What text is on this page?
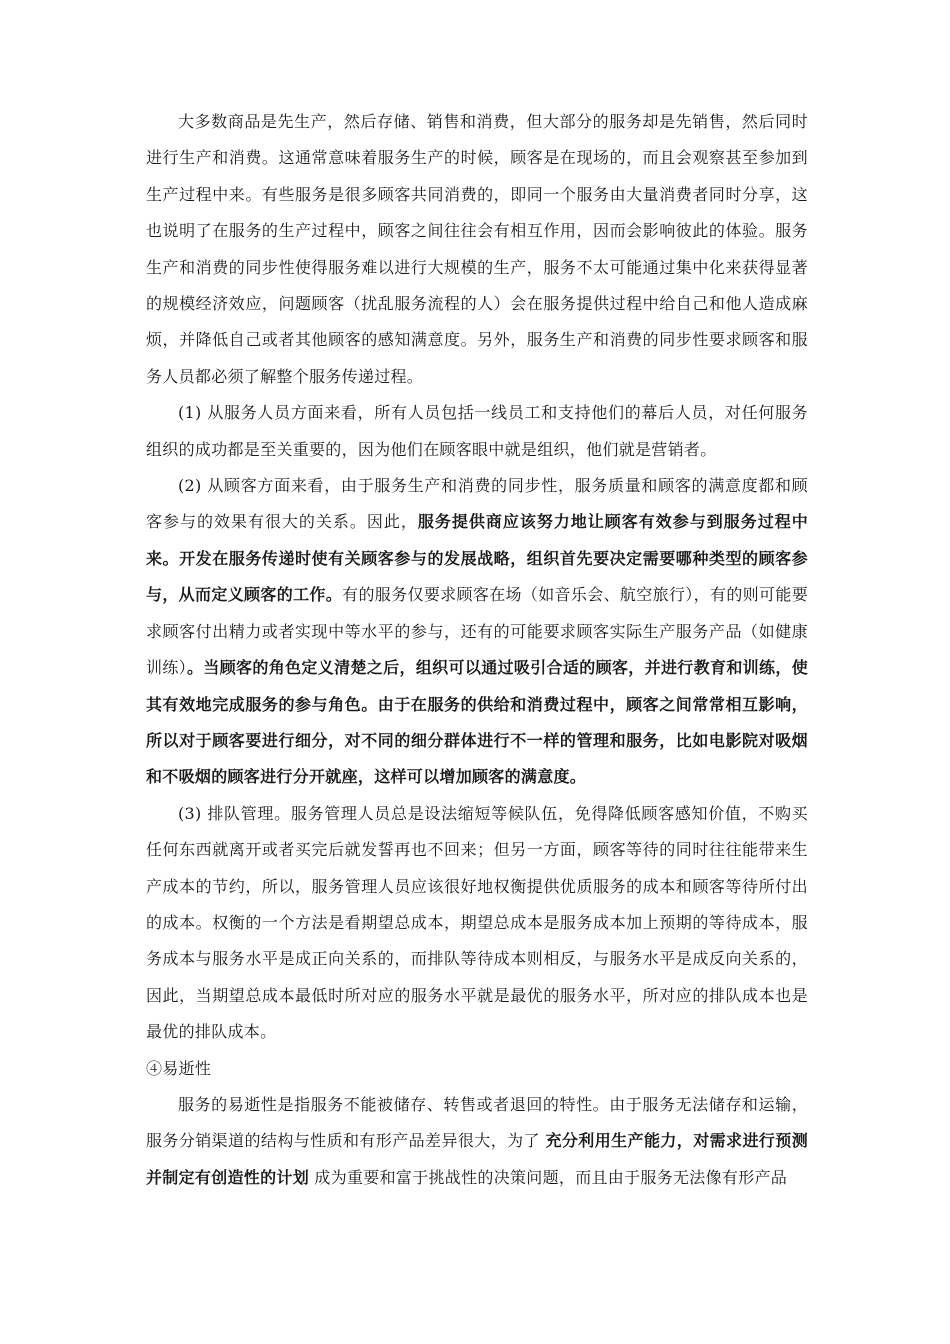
大多数商品是先生产，然后存储、销售和消费，但大部分的服务却是先销售，然后同时进行生产和消费。这通常意味着服务生产的时候，顾客是在现场的，而且会观察甚至参加到生产过程中来。有些服务是很多顾客共同消费的，即同一个服务由大量消费者同时分享，这也说明了在服务的生产过程中，顾客之间往往会有相互作用，因而会影响彼此的体验。服务生产和消费的同步性使得服务难以进行大规模的生产，服务不太可能通过集中化来获得显著的规模经济效应，问题顾客（扰乱服务流程的人）会在服务提供过程中给自己和他人造成麻烦，并降低自己或者其他顾客的感知满意度。另外，服务生产和消费的同步性要求顾客和服务人员都必须了解整个服务传递过程。

(1) 从服务人员方面来看，所有人员包括一线员工和支持他们的幕后人员，对任何服务组织的成功都是至关重要的，因为他们在顾客眼中就是组织，他们就是营销者。

(2) 从顾客方面来看，由于服务生产和消费的同步性，服务质量和顾客的满意度都和顾客参与的效果有很大的关系。因此，服务提供商应该努力地让顾客有效参与到服务过程中来。开发在服务传递时使有关顾客参与的发展战略，组织首先要决定需要哪种类型的顾客参与，从而定义顾客的工作。有的服务仅要求顾客在场（如音乐会、航空旅行），有的则可能要求顾客付出精力或者实现中等水平的参与，还有的可能要求顾客实际生产服务产品（如健康训练）。当顾客的角色定义清楚之后，组织可以通过吸引合适的顾客，并进行教育和训练，使其有效地完成服务的参与角色。由于在服务的供给和消费过程中，顾客之间常常相互影响，所以对于顾客要进行细分，对不同的细分群体进行不一样的管理和服务，比如电影院对吸烟和不吸烟的顾客进行分开就座，这样可以增加顾客的满意度。

(3) 排队管理。服务管理人员总是设法缩短等候队伍，免得降低顾客感知价值，不购买任何东西就离开或者买完后就发誓再也不回来；但另一方面，顾客等待的同时往往能带来生产成本的节约，所以，服务管理人员应该很好地权衡提供优质服务的成本和顾客等待所付出的成本。权衡的一个方法是看期望总成本，期望总成本是服务成本加上预期的等待成本，服务成本与服务水平是成正向关系的，而排队等待成本则相反，与服务水平是成反向关系的，因此，当期望总成本最低时所对应的服务水平就是最优的服务水平，所对应的排队成本也是最优的排队成本。

④易逝性

服务的易逝性是指服务不能被储存、转售或者退回的特性。由于服务无法储存和运输，服务分销渠道的结构与性质和有形产品差异很大，为了 充分利用生产能力，对需求进行预测并制定有创造性的计划 成为重要和富于挑战性的决策问题，而且由于服务无法像有形产品
